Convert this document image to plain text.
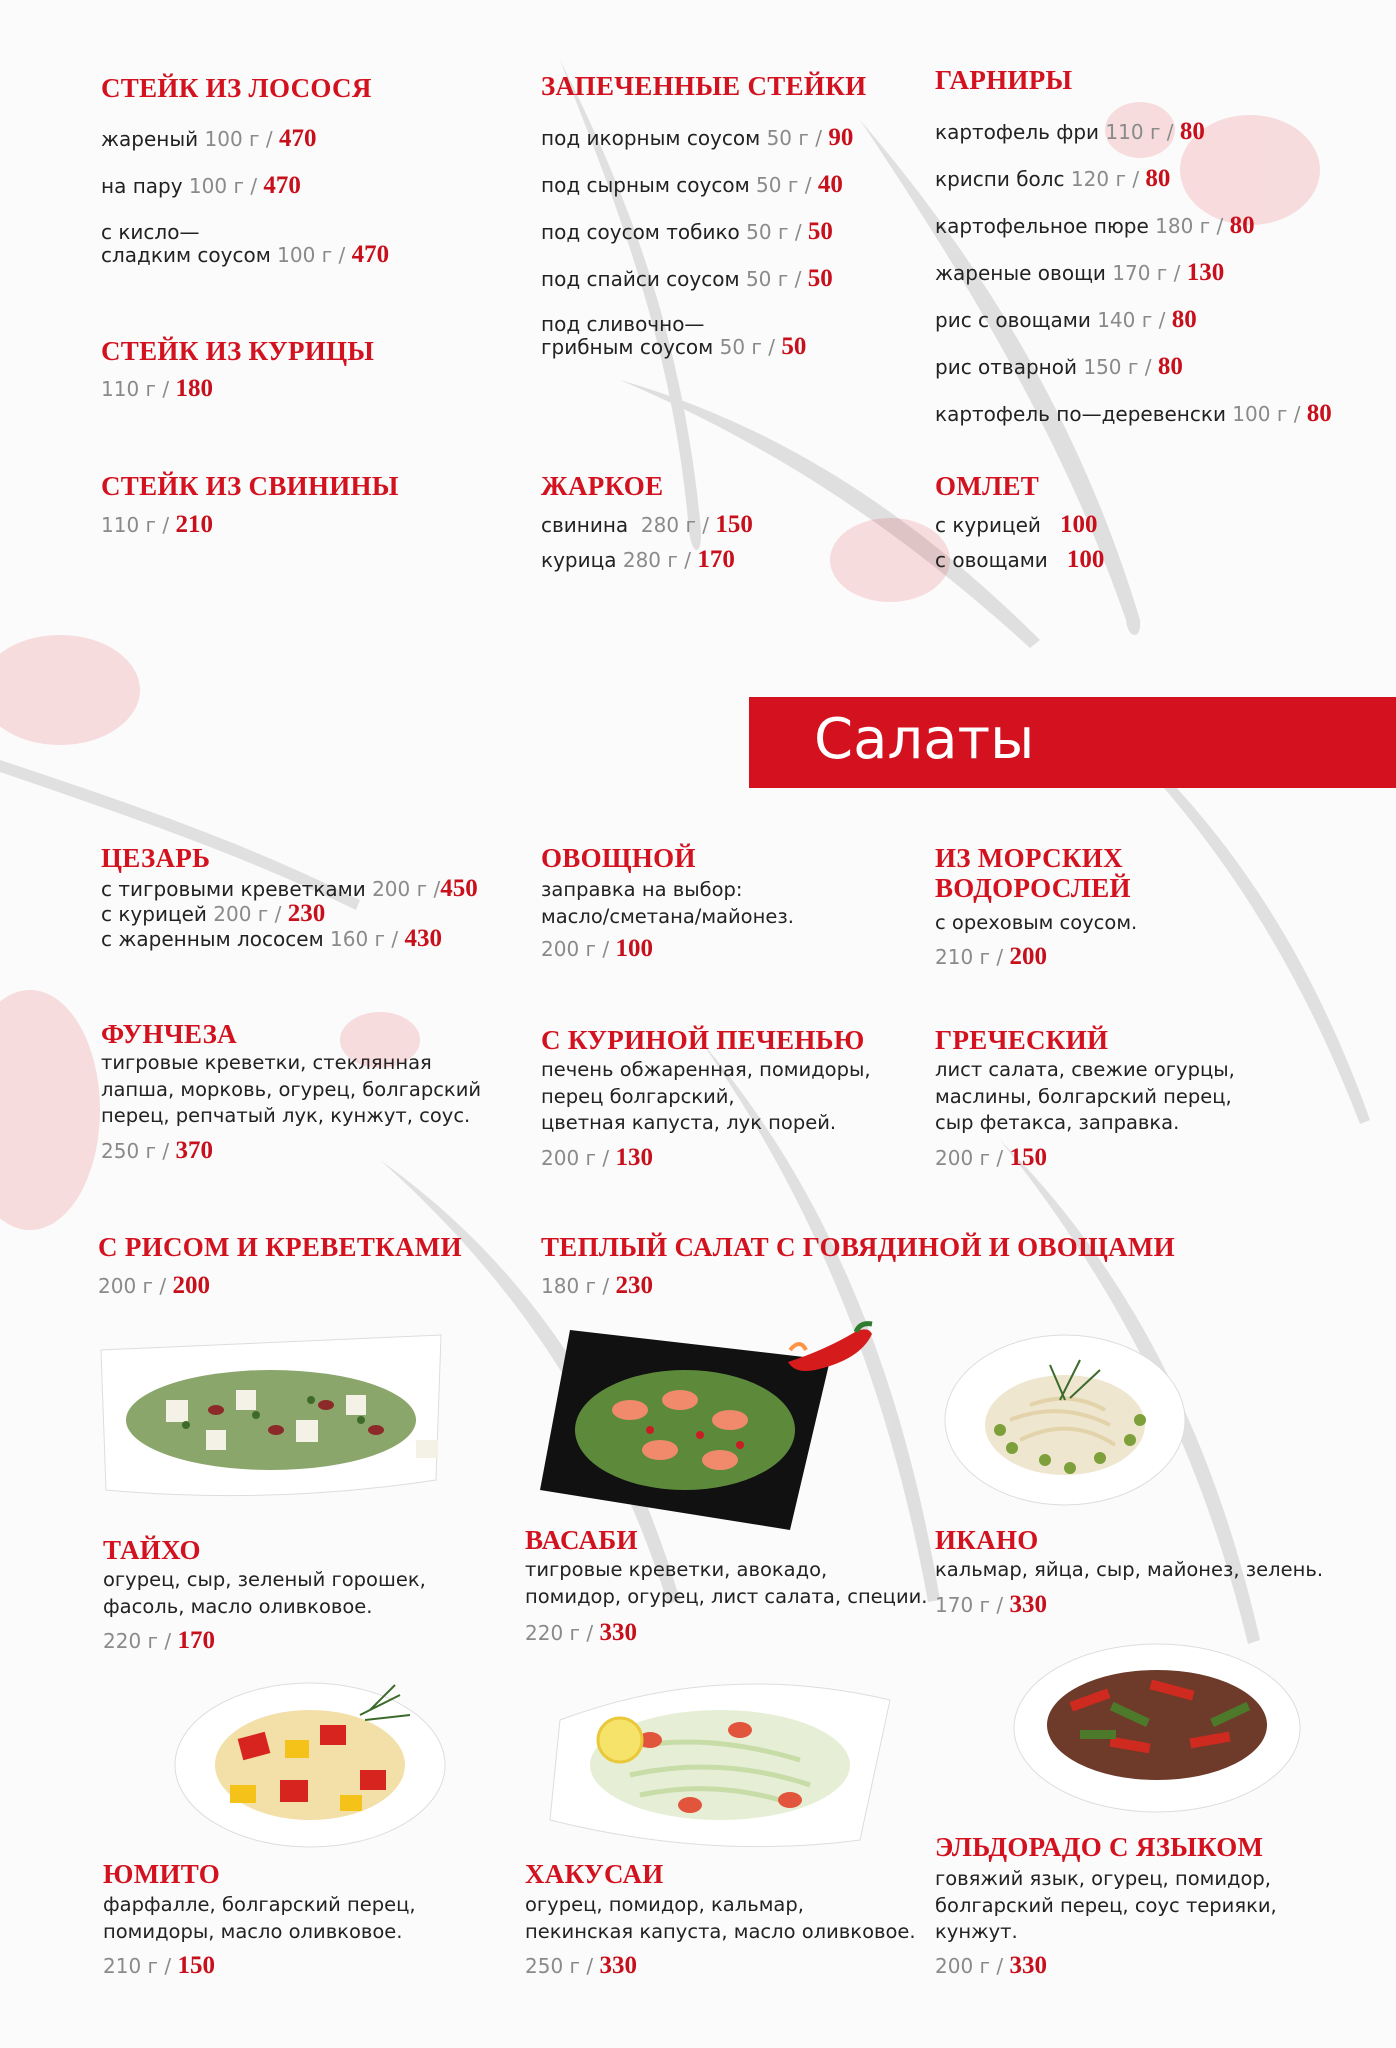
СТЕЙК ИЗ ЛОСОСЯ
жареный 100 г / 470
на пару 100 г / 470
с кисло—
сладким соусом 100 г / 470
СТЕЙК ИЗ КУРИЦЫ
110 г / 180
СТЕЙК ИЗ СВИНИНЫ
110 г / 210
ЗАПЕЧЕННЫЕ СТЕЙКИ
под икорным соусом 50 г / 90
под сырным соусом 50 г / 40
под соусом тобико 50 г / 50
под спайси соусом 50 г / 50
под сливочно—
грибным соусом 50 г / 50
ЖАРКОЕ
свинина 280 г / 150
курица 280 г / 170
ГАРНИРЫ
картофель фри 110 г / 80
криспи болс 120 г / 80
картофельное пюре 180 г / 80
жареные овощи 170 г / 130
рис с овощами 140 г / 80
рис отварной 150 г / 80
картофель по—деревенски 100 г / 80
ОМЛЕТ
с курицей 100
с овощами 100
Салаты
ЦЕЗАРЬ
с тигровыми креветками 200 г /450
с курицей 200 г / 230
с жаренным лососем 160 г / 430
ОВОЩНОЙ
заправка на выбор:
масло/сметана/майонез.
200 г / 100
ИЗ МОРСКИХ
ВОДОРОСЛЕЙ
с ореховым соусом.
210 г / 200
ФУНЧЕЗА
тигровые креветки, стеклянная
лапша, морковь, огурец, болгарский
перец, репчатый лук, кунжут, соус.
250 г / 370
С КУРИНОЙ ПЕЧЕНЬЮ
печень обжаренная, помидоры,
перец болгарский,
цветная капуста, лук порей.
200 г / 130
ГРЕЧЕСКИЙ
лист салата, свежие огурцы,
маслины, болгарский перец,
сыр фетакса, заправка.
200 г / 150
С РИСОМ И КРЕВЕТКАМИ
200 г / 200
ТЕПЛЫЙ САЛАТ С ГОВЯДИНОЙ И ОВОЩАМИ
180 г / 230
ТАЙХО
огурец, сыр, зеленый горошек,
фасоль, масло оливковое.
220 г / 170
ВАСАБИ
тигровые креветки, авокадо,
помидор, огурец, лист салата, специи.
220 г / 330
ИКАНО
кальмар, яйца, сыр, майонез, зелень.
170 г / 330
ЮМИТО
фарфалле, болгарский перец,
помидоры, масло оливковое.
210 г / 150
ХАКУСАИ
огурец, помидор, кальмар,
пекинская капуста, масло оливковое.
250 г / 330
ЭЛЬДОРАДО С ЯЗЫКОМ
говяжий язык, огурец, помидор,
болгарский перец, соус терияки,
кунжут.
200 г / 330
